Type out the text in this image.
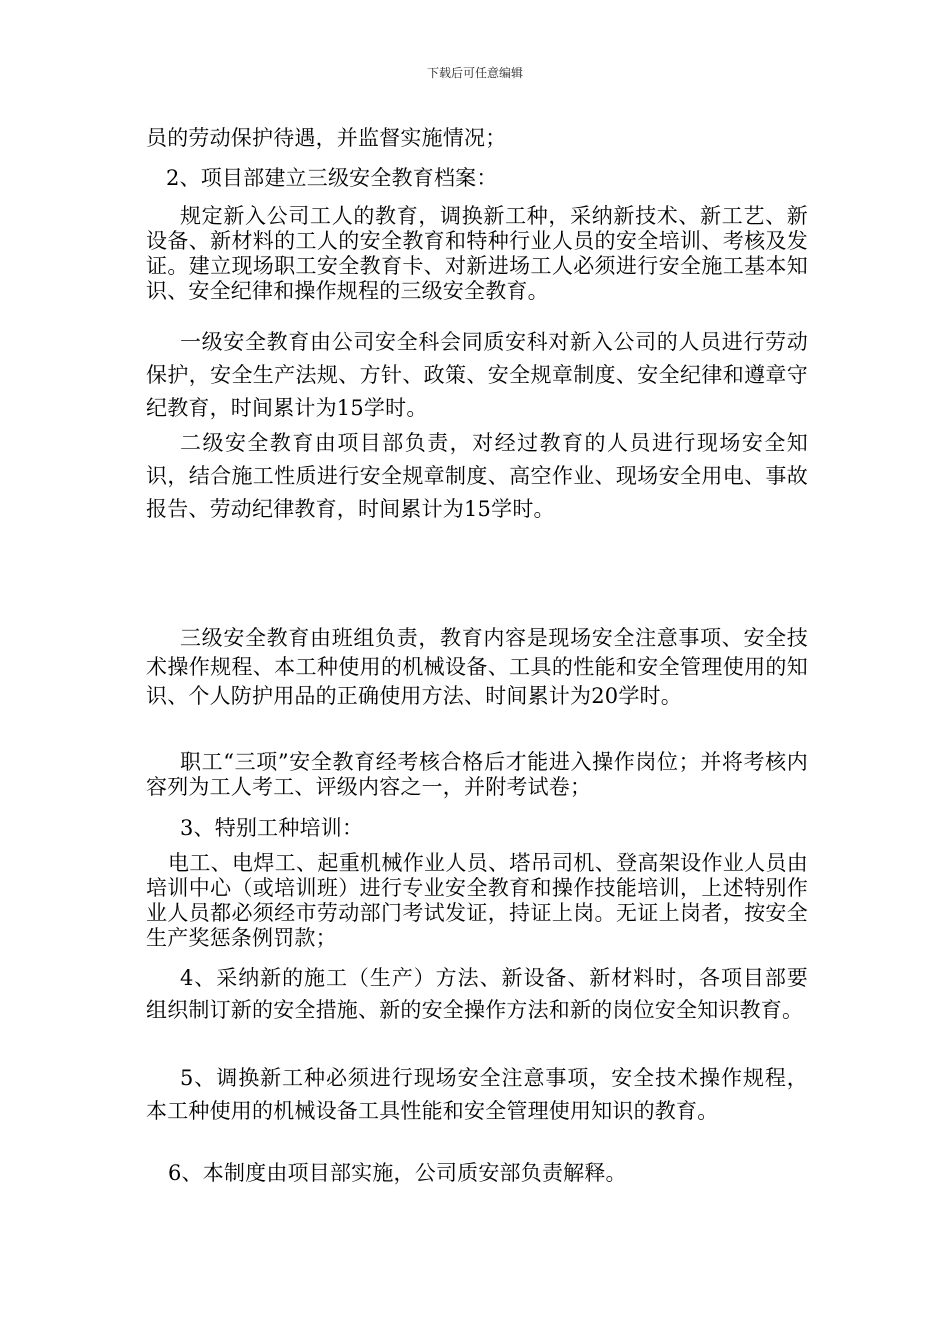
下载后可任意编辑

员的劳动保护待遇，并监督实施情况；

2、项目部建立三级安全教育档案：

规定新入公司工人的教育，调换新工种，采纳新技术、新工艺、新设备、新材料的工人的安全教育和特种行业人员的安全培训、考核及发证。建立现场职工安全教育卡、对新进场工人必须进行安全施工基本知识、安全纪律和操作规程的三级安全教育。

一级安全教育由公司安全科会同质安科对新入公司的人员进行劳动保护，安全生产法规、方针、政策、安全规章制度、安全纪律和遵章守纪教育，时间累计为15学时。

二级安全教育由项目部负责，对经过教育的人员进行现场安全知识，结合施工性质进行安全规章制度、高空作业、现场安全用电、事故报告、劳动纪律教育，时间累计为15学时。

三级安全教育由班组负责，教育内容是现场安全注意事项、安全技术操作规程、本工种使用的机械设备、工具的性能和安全管理使用的知识、个人防护用品的正确使用方法、时间累计为20学时。

职工“三项”安全教育经考核合格后才能进入操作岗位；并将考核内容列为工人考工、评级内容之一，并附考试卷；

3、特别工种培训：

电工、电焊工、起重机械作业人员、塔吊司机、登高架设作业人员由培训中心（或培训班）进行专业安全教育和操作技能培训，上述特别作业人员都必须经市劳动部门考试发证，持证上岗。无证上岗者，按安全生产奖惩条例罚款；

4、采纳新的施工（生产）方法、新设备、新材料时，各项目部要组织制订新的安全措施、新的安全操作方法和新的岗位安全知识教育。

5、调换新工种必须进行现场安全注意事项，安全技术操作规程，本工种使用的机械设备工具性能和安全管理使用知识的教育。

6、本制度由项目部实施，公司质安部负责解释。
